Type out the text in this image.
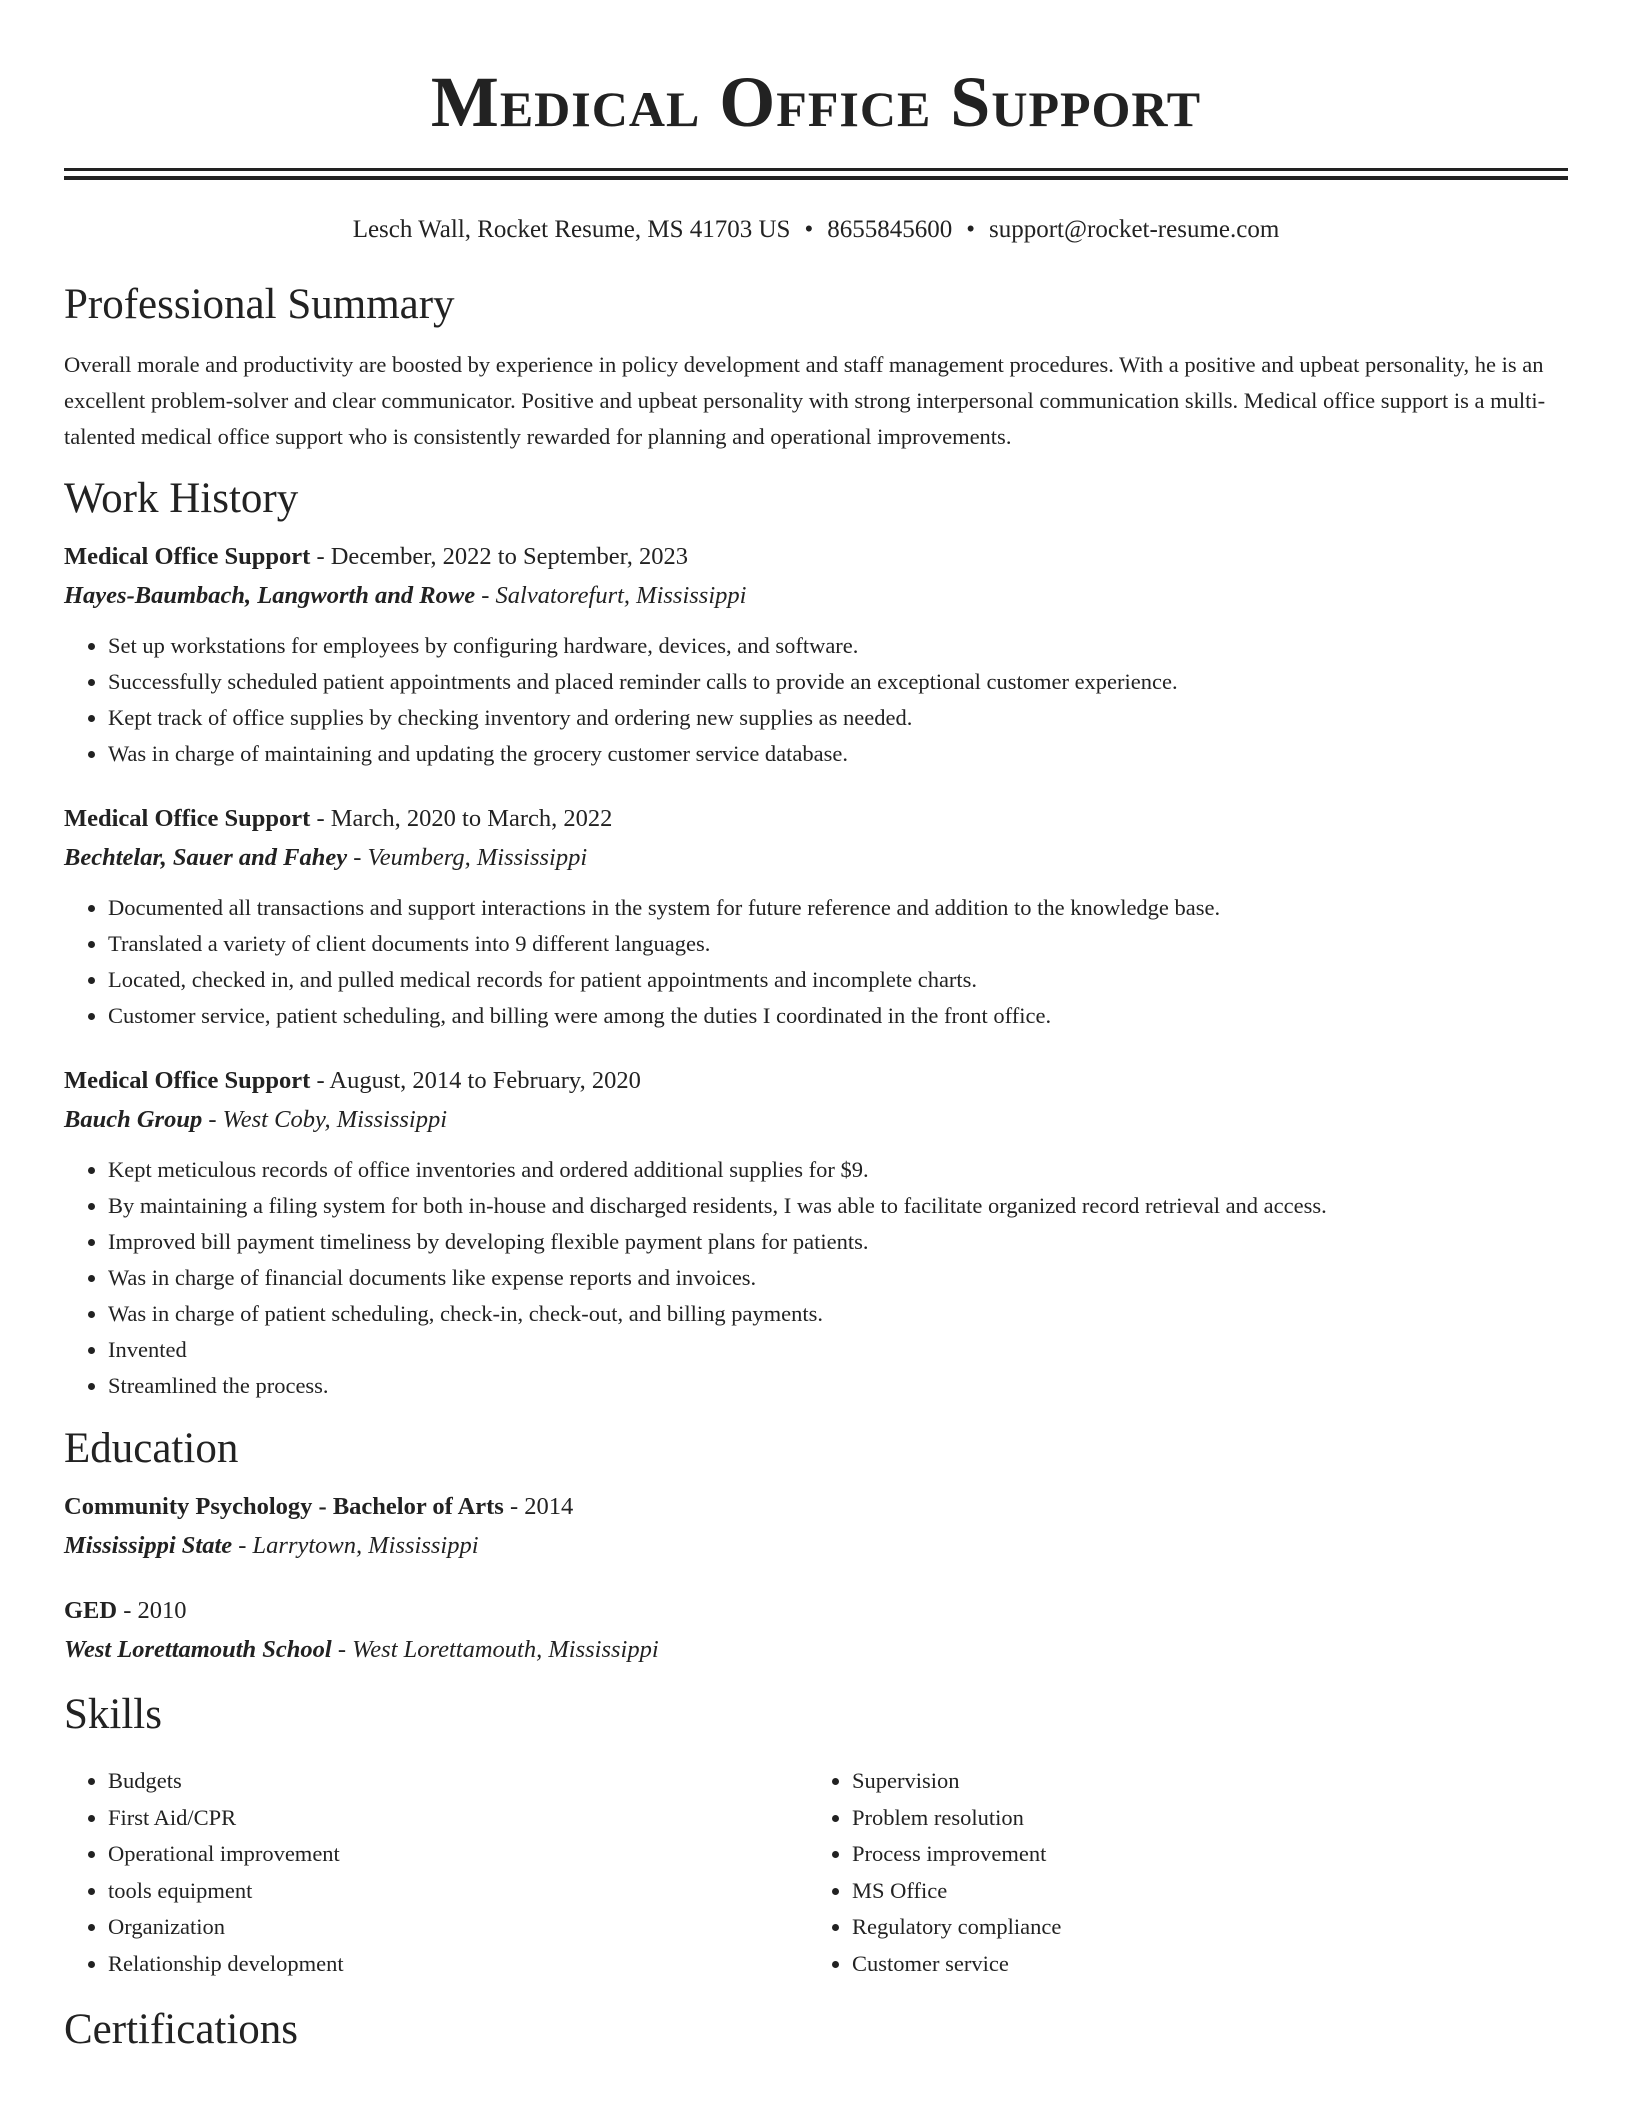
Medical Office Support
Lesch Wall, Rocket Resume, MS 41703 US • 8655845600 • support@rocket-resume.com
Professional Summary

Overall morale and productivity are boosted by experience in policy development and staff management procedures. With a positive and upbeat personality, he is an excellent problem-solver and clear communicator. Positive and upbeat personality with strong interpersonal communication skills. Medical office support is a multi-talented medical office support who is consistently rewarded for planning and operational improvements.

Work History
Medical Office Support - December, 2022 to September, 2023
Hayes-Baumbach, Langworth and Rowe - Salvatorefurt, Mississippi
• Set up workstations for employees by configuring hardware, devices, and software.
• Successfully scheduled patient appointments and placed reminder calls to provide an exceptional customer experience.
• Kept track of office supplies by checking inventory and ordering new supplies as needed.
• Was in charge of maintaining and updating the grocery customer service database.
Medical Office Support - March, 2020 to March, 2022
Bechtelar, Sauer and Fahey - Veumberg, Mississippi
• Documented all transactions and support interactions in the system for future reference and addition to the knowledge base.
• Translated a variety of client documents into 9 different languages.
• Located, checked in, and pulled medical records for patient appointments and incomplete charts.
• Customer service, patient scheduling, and billing were among the duties I coordinated in the front office.
Medical Office Support - August, 2014 to February, 2020
Bauch Group - West Coby, Mississippi
• Kept meticulous records of office inventories and ordered additional supplies for $9.
• By maintaining a filing system for both in-house and discharged residents, I was able to facilitate organized record retrieval and access.
• Improved bill payment timeliness by developing flexible payment plans for patients.
• Was in charge of financial documents like expense reports and invoices.
• Was in charge of patient scheduling, check-in, check-out, and billing payments.
• Invented
• Streamlined the process.
Education
Community Psychology - Bachelor of Arts - 2014
Mississippi State - Larrytown, Mississippi
GED - 2010
West Lorettamouth School - West Lorettamouth, Mississippi
Skills
• Budgets
• First Aid/CPR
• Operational improvement
• tools equipment
• Organization
• Relationship development
• Supervision
• Problem resolution
• Process improvement
• MS Office
• Regulatory compliance
• Customer service
Certifications
